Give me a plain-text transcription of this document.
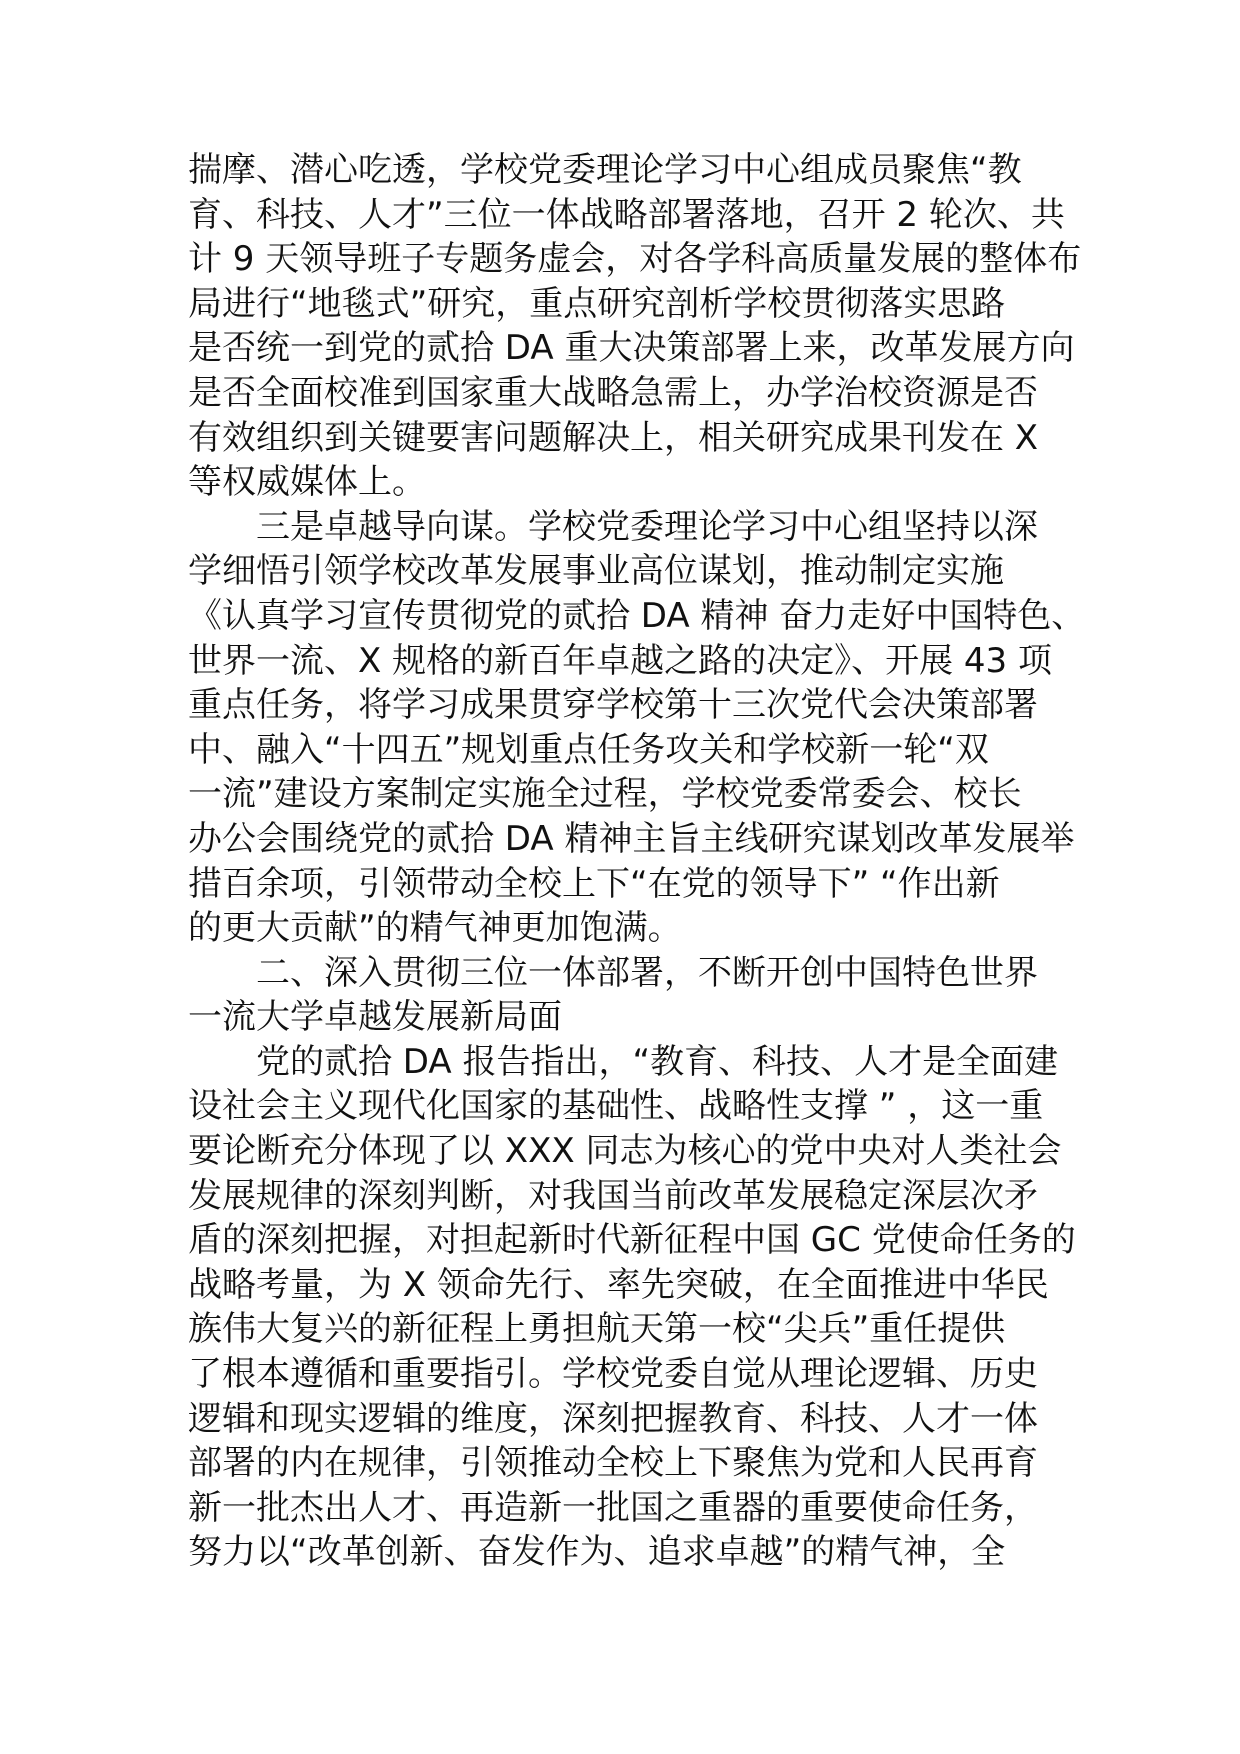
揣摩、潜心吃透，学校党委理论学习中心组成员聚焦“教
育、科技、人才”三位一体战略部署落地，召开 2 轮次、共
计 9 天领导班子专题务虚会，对各学科高质量发展的整体布
局进行“地毯式”研究，重点研究剖析学校贯彻落实思路
是否统一到党的贰拾 DA 重大决策部署上来，改革发展方向
是否全面校准到国家重大战略急需上，办学治校资源是否
有效组织到关键要害问题解决上，相关研究成果刊发在 X
等权威媒体上。
三是卓越导向谋。学校党委理论学习中心组坚持以深
学细悟引领学校改革发展事业高位谋划，推动制定实施
《认真学习宣传贯彻党的贰拾 DA 精神 奋力走好中国特色、
世界一流、X 规格的新百年卓越之路的决定》、开展 43 项
重点任务，将学习成果贯穿学校第十三次党代会决策部署
中、融入“十四五”规划重点任务攻关和学校新一轮“双
一流”建设方案制定实施全过程，学校党委常委会、校长
办公会围绕党的贰拾 DA 精神主旨主线研究谋划改革发展举
措百余项，引领带动全校上下“在党的领导下” “作出新
的更大贡献”的精气神更加饱满。
二、深入贯彻三位一体部署，不断开创中国特色世界
一流大学卓越发展新局面
党的贰拾 DA 报告指出，“教育、科技、人才是全面建
设社会主义现代化国家的基础性、战略性支撑 ” ，这一重
要论断充分体现了以 XXX 同志为核心的党中央对人类社会
发展规律的深刻判断，对我国当前改革发展稳定深层次矛
盾的深刻把握，对担起新时代新征程中国 GC 党使命任务的
战略考量，为 X 领命先行、率先突破，在全面推进中华民
族伟大复兴的新征程上勇担航天第一校“尖兵”重任提供
了根本遵循和重要指引。学校党委自觉从理论逻辑、历史
逻辑和现实逻辑的维度，深刻把握教育、科技、人才一体
部署的内在规律，引领推动全校上下聚焦为党和人民再育
新一批杰出人才、再造新一批国之重器的重要使命任务，
努力以“改革创新、奋发作为、追求卓越”的精气神，全
